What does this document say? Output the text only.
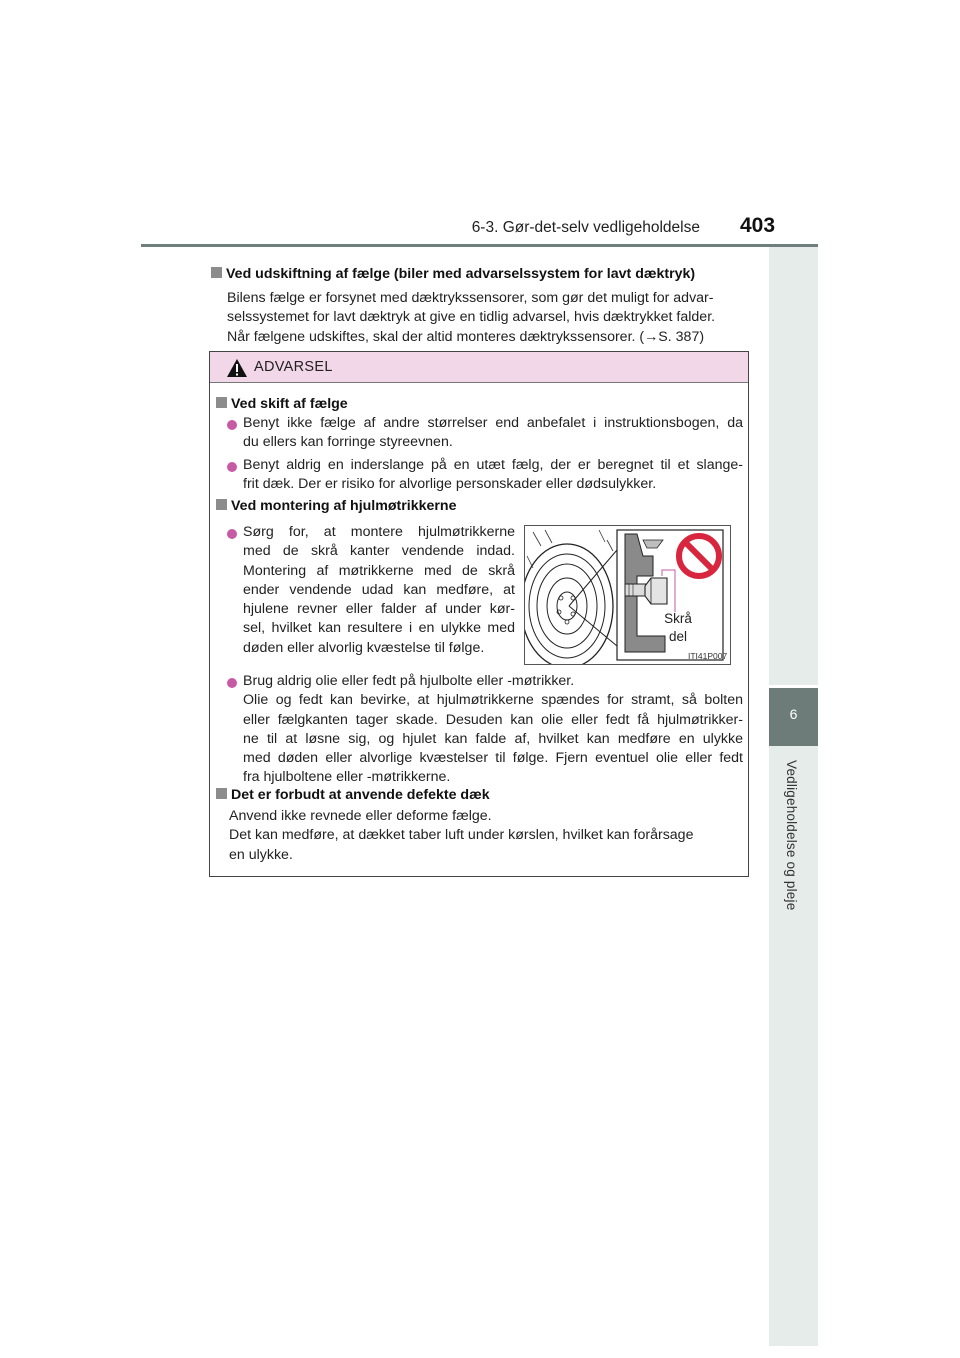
6-3. Gør-det-selv vedligeholdelse 403
6
Vedligeholdelse og pleje
Ved udskiftning af fælge (biler med advarselssystem for lavt dæktryk)
Bilens fælge er forsynet med dæktrykssensorer, som gør det muligt for advar-
selssystemet for lavt dæktryk at give en tidlig advarsel, hvis dæktrykket falder.
Når fælgene udskiftes, skal der altid monteres dæktrykssensorer. (→S. 387)
ADVARSEL
Ved skift af fælge
Benyt ikke fælge af andre størrelser end anbefalet i instruktionsbogen, da
du ellers kan forringe styreevnen.
Benyt aldrig en inderslange på en utæt fælg, der er beregnet til et slange-
frit dæk. Der er risiko for alvorlige personskader eller dødsulykker.
Ved montering af hjulmøtrikkerne
Sørg for, at montere hjulmøtrikkerne
med de skrå kanter vendende indad.
Montering af møtrikkerne med de skrå
ender vendende udad kan medføre, at
hjulene revner eller falder af under kør-
sel, hvilket kan resultere i en ulykke med
døden eller alvorlig kvæstelse til følge.
Skrå
del
ITI41P007
Brug aldrig olie eller fedt på hjulbolte eller -møtrikker.
Olie og fedt kan bevirke, at hjulmøtrikkerne spændes for stramt, så bolten
eller fælgkanten tager skade. Desuden kan olie eller fedt få hjulmøtrikker-
ne til at løsne sig, og hjulet kan falde af, hvilket kan medføre en ulykke
med døden eller alvorlige kvæstelser til følge. Fjern eventuel olie eller fedt
fra hjulboltene eller -møtrikkerne.
Det er forbudt at anvende defekte dæk
Anvend ikke revnede eller deforme fælge.
Det kan medføre, at dækket taber luft under kørslen, hvilket kan forårsage
en ulykke.
